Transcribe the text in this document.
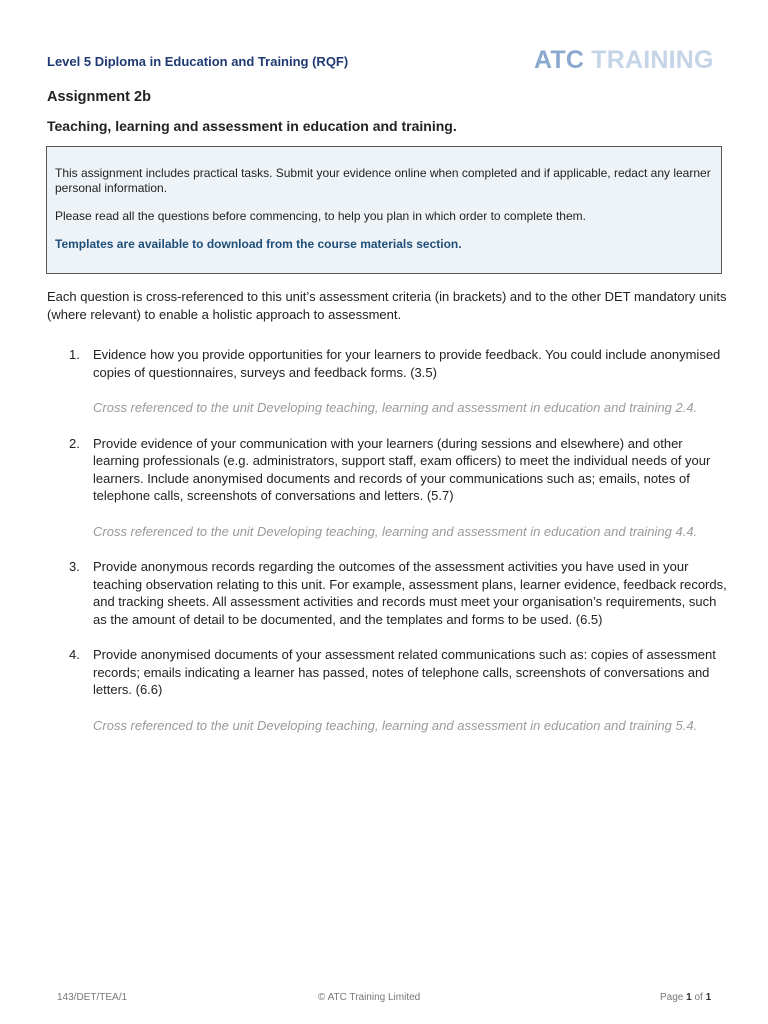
Level 5 Diploma in Education and Training (RQF)	ATC TRAINING
Assignment 2b
Teaching, learning and assessment in education and training.

This assignment includes practical tasks. Submit your evidence online when completed and if applicable, redact any learner personal information.

Please read all the questions before commencing, to help you plan in which order to complete them.

Templates are available to download from the course materials section.

Each question is cross-referenced to this unit’s assessment criteria (in brackets) and to the other DET mandatory units (where relevant) to enable a holistic approach to assessment.
1. Evidence how you provide opportunities for your learners to provide feedback. You could include anonymised copies of questionnaires, surveys and feedback forms. (3.5)

Cross referenced to the unit Developing teaching, learning and assessment in education and training 2.4.

2. Provide evidence of your communication with your learners (during sessions and elsewhere) and other learning professionals (e.g. administrators, support staff, exam officers) to meet the individual needs of your learners. Include anonymised documents and records of your communications such as; emails, notes of telephone calls, screenshots of conversations and letters. (5.7)

Cross referenced to the unit Developing teaching, learning and assessment in education and training 4.4.

3. Provide anonymous records regarding the outcomes of the assessment activities you have used in your teaching observation relating to this unit. For example, assessment plans, learner evidence, feedback records, and tracking sheets. All assessment activities and records must meet your organisation’s requirements, such as the amount of detail to be documented, and the templates and forms to be used. (6.5)

4. Provide anonymised documents of your assessment related communications such as: copies of assessment records; emails indicating a learner has passed, notes of telephone calls, screenshots of conversations and letters. (6.6)

Cross referenced to the unit Developing teaching, learning and assessment in education and training 5.4.

143/DET/TEA/1	© ATC Training Limited	Page 1 of 1
